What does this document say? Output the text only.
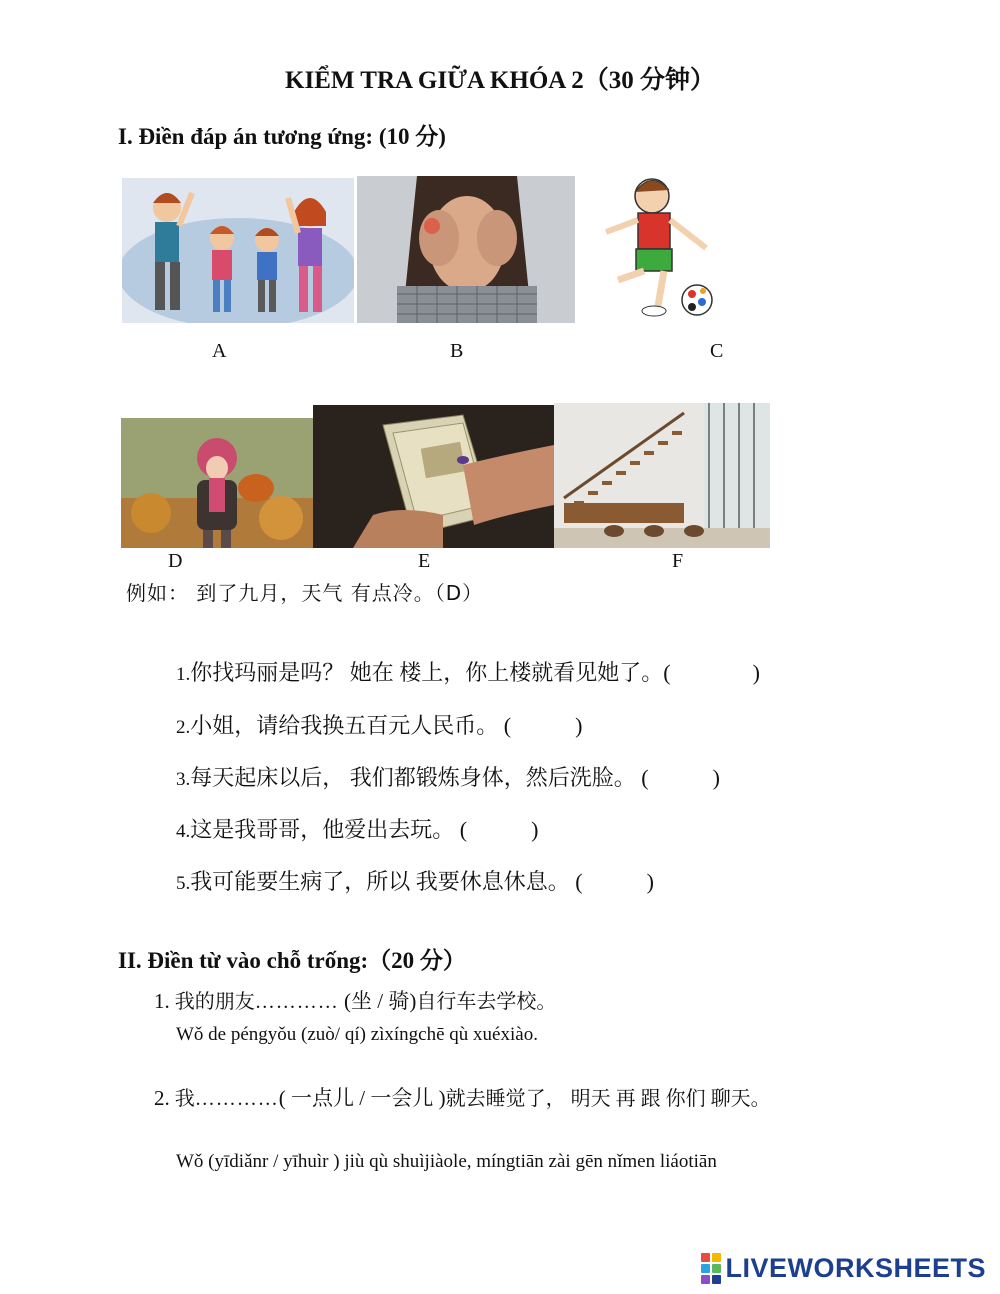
KIỂM TRA GIỮA KHÓA 2（30 分钟）
I. Điền đáp án tương ứng: (10 分)
A	B	C
D	E	F
例如： 到了九月，天气 有点冷。（D）
1.你找玛丽是吗？ 她在 楼上，你上楼就看见她了。(	)
2.小姐，请给我换五百元人民币。 (	)
3.每天起床以后， 我们都锻炼身体，然后洗脸。 (	)
4.这是我哥哥，他爱出去玩。 (	)
5.我可能要生病了，所以 我要休息休息。 (	)
II. Điền từ vào chỗ trống:（20 分）
1. 我的朋友………… (坐 / 骑)自行车去学校。
Wǒ de péngyǒu (zuò/ qí) zìxíngchē qù xuéxiào.
2. 我…………( 一点儿 / 一会儿 )就去睡觉了， 明天 再 跟 你们 聊天。
Wǒ (yīdiǎnr / yīhuìr ) jiù qù shuìjiàole, míngtiān zài gēn nǐmen liáotiān
LIVEWORKSHEETS
